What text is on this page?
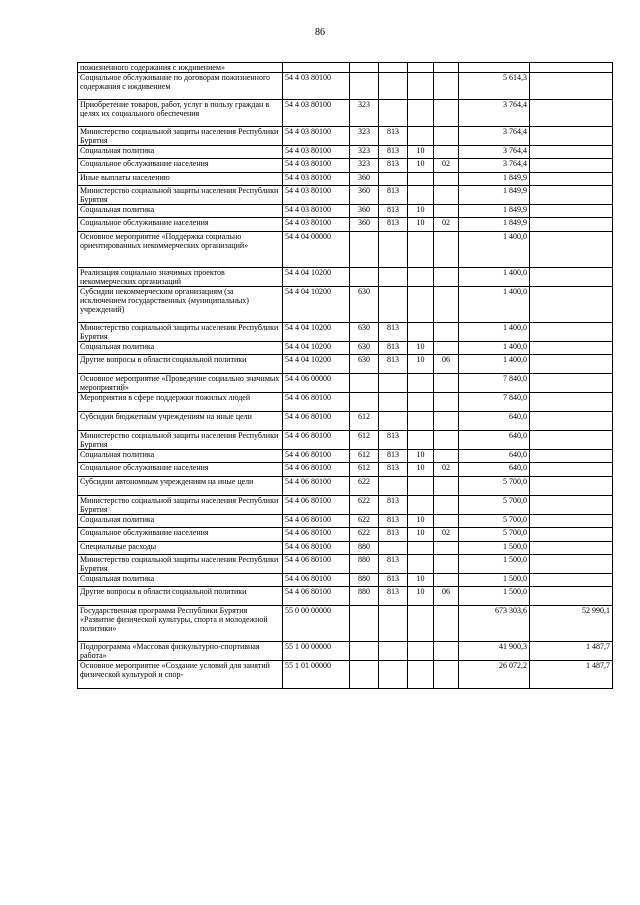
86
пожизненного содержания с иждивением»							
Социальное обслуживание по договорам пожизненного содержания с иждивением	54 4 03 80100					5 614,3	
Приобретение товаров, работ, услуг в пользу граждан в целях их социального обеспечения	54 4 03 80100	323				3 764,4	
Министерство социальной защиты населения Республики Бурятия	54 4 03 80100	323	813			3 764,4	
Социальная политика	54 4 03 80100	323	813	10		3 764,4	
Социальное обслуживание населения	54 4 03 80100	323	813	10	02	3 764,4	
Иные выплаты населению	54 4 03 80100	360				1 849,9	
Министерство социальной защиты населения Республики Бурятия	54 4 03 80100	360	813			1 849,9	
Социальная политика	54 4 03 80100	360	813	10		1 849,9	
Социальное обслуживание населения	54 4 03 80100	360	813	10	02	1 849,9	
Основное мероприятие «Поддержка социально ориентированных некоммерческих организаций»	54 4 04 00000					1 400,0	
Реализация социально значимых проектов некоммерческих организаций	54 4 04 10200					1 400,0	
Субсидии некоммерческим организациям (за исключением государственных (муниципальных) учреждений)	54 4 04 10200	630				1 400,0	
Министерство социальной защиты населения Республики Бурятия	54 4 04 10200	630	813			1 400,0	
Социальная политика	54 4 04 10200	630	813	10		1 400,0	
Другие вопросы в области социальной политики	54 4 04 10200	630	813	10	06	1 400,0	
Основное мероприятие «Проведение социально значимых мероприятий»	54 4 06 00000					7 840,0	
Мероприятия в сфере поддержки пожилых людей	54 4 06 80100					7 840,0	
Субсидии бюджетным учреждениям на иные цели	54 4 06 80100	612				640,0	
Министерство социальной защиты населения Республики Бурятия	54 4 06 80100	612	813			640,0	
Социальная политика	54 4 06 80100	612	813	10		640,0	
Социальное обслуживание населения	54 4 06 80100	612	813	10	02	640,0	
Субсидии автономным учреждениям на иные цели	54 4 06 80100	622				5 700,0	
Министерство социальной защиты населения Республики Бурятия	54 4 06 80100	622	813			5 700,0	
Социальная политика	54 4 06 80100	622	813	10		5 700,0	
Социальное обслуживание населения	54 4 06 80100	622	813	10	02	5 700,0	
Специальные расходы	54 4 06 80100	880				1 500,0	
Министерство социальной защиты населения Республики Бурятия	54 4 06 80100	880	813			1 500,0	
Социальная политика	54 4 06 80100	880	813	10		1 500,0	
Другие вопросы в области социальной политики	54 4 06 80100	880	813	10	06	1 500,0	
Государственная программа Республики Бурятия «Развитие физической культуры, спорта и молодежной политики»	55 0 00 00000					673 303,6	52 990,1
Подпрограмма «Массовая физкультурно-спортивная работа»	55 1 00 00000					41 900,3	1 487,7
Основное мероприятие «Создание условий для занятий физической культурой и спор-	55 1 01 00000					26 072,2	1 487,7
